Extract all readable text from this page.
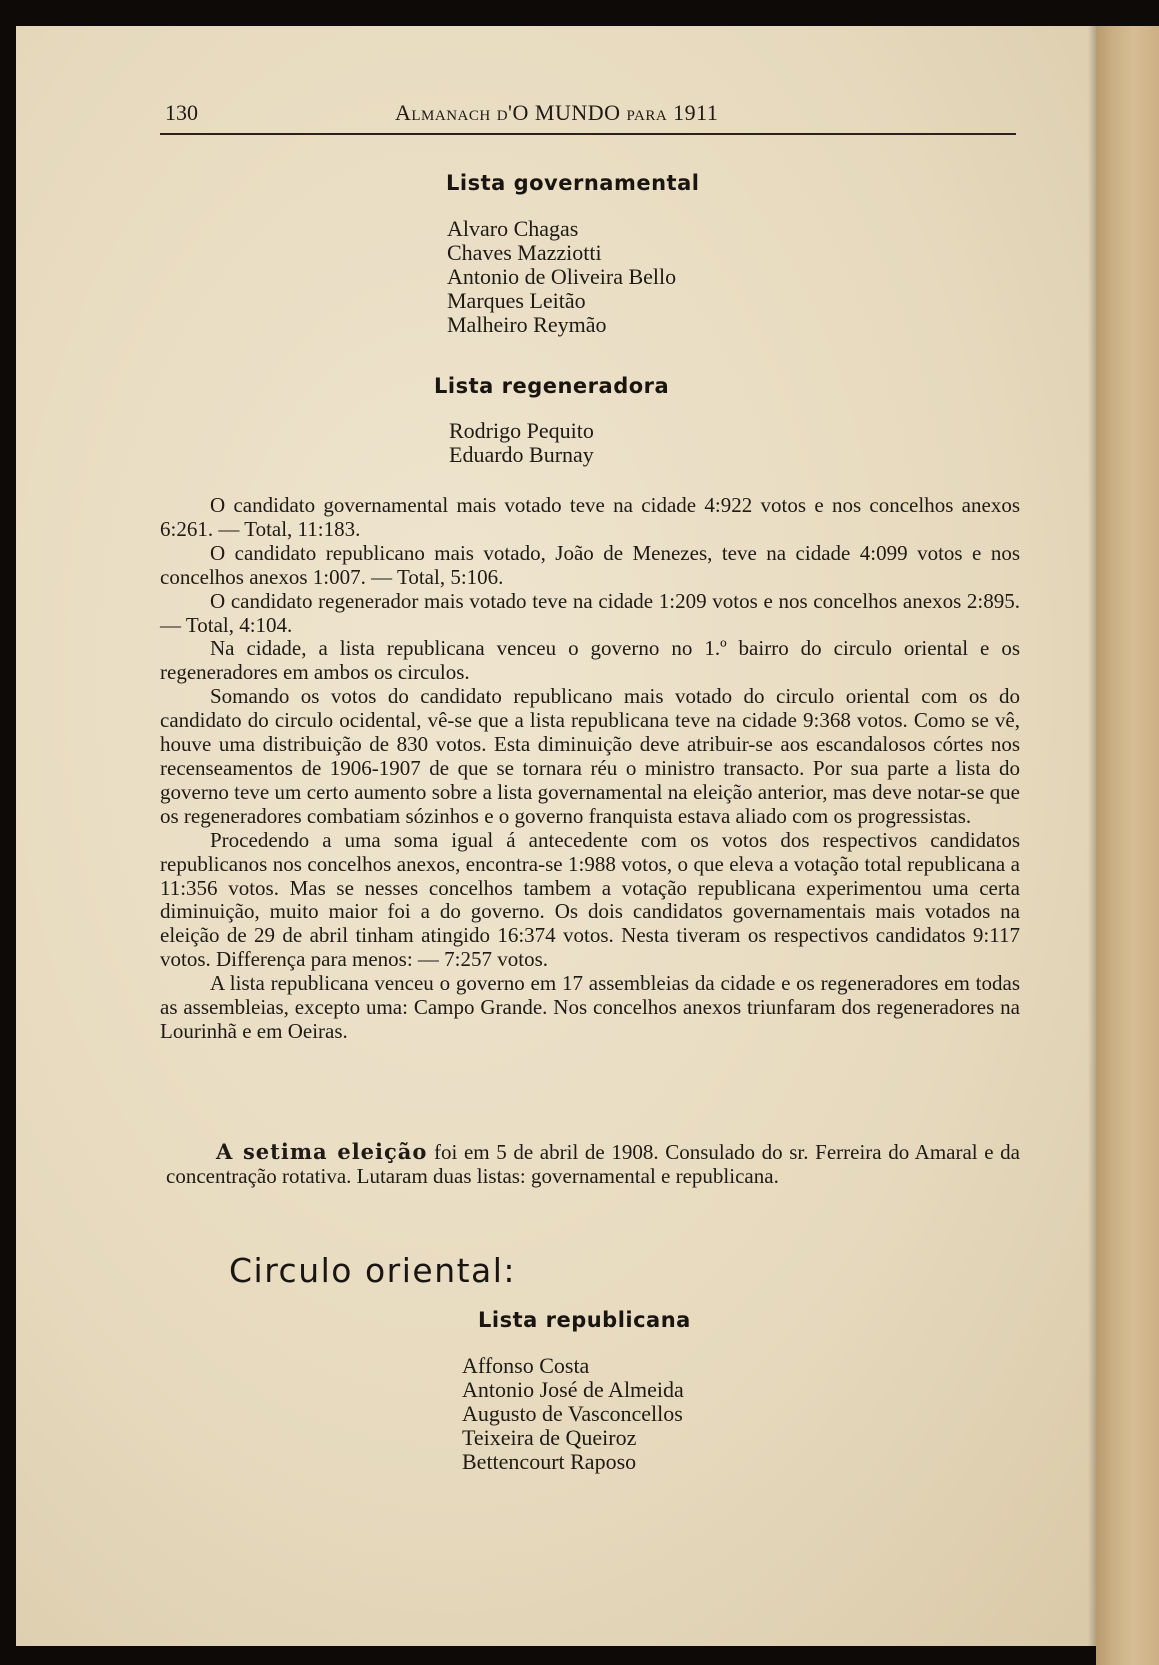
130	Almanach d'O MUNDO para 1911
Lista governamental
Alvaro Chagas
Chaves Mazziotti
Antonio de Oliveira Bello
Marques Leitão
Malheiro Reymão
Lista regeneradora
Rodrigo Pequito
Eduardo Burnay

O candidato governamental mais votado teve na cidade 4:922 votos e nos concelhos anexos 6:261. — Total, 11:183.

O candidato republicano mais votado, João de Menezes, teve na cidade 4:099 votos e nos concelhos anexos 1:007. — Total, 5:106.

O candidato regenerador mais votado teve na cidade 1:209 votos e nos concelhos anexos 2:895. — Total, 4:104.

Na cidade, a lista republicana venceu o governo no 1.º bairro do circulo oriental e os regeneradores em ambos os circulos.

Somando os votos do candidato republicano mais votado do circulo oriental com os do candidato do circulo ocidental, vê-se que a lista republicana teve na cidade 9:368 votos. Como se vê, houve uma distribuição de 830 votos. Esta diminuição deve atribuir-se aos escandalosos córtes nos recenseamentos de 1906-1907 de que se tornara réu o ministro transacto. Por sua parte a lista do governo teve um certo aumento sobre a lista governamental na eleição anterior, mas deve notar-se que os regeneradores combatiam sózinhos e o governo franquista estava aliado com os progressistas.

Procedendo a uma soma igual á antecedente com os votos dos respectivos candidatos republicanos nos concelhos anexos, encontra-se 1:988 votos, o que eleva a votação total republicana a 11:356 votos. Mas se nesses concelhos tambem a votação republicana experimentou uma certa diminuição, muito maior foi a do governo. Os dois candidatos governamentais mais votados na eleição de 29 de abril tinham atingido 16:374 votos. Nesta tiveram os respectivos candidatos 9:117 votos. Differença para menos: — 7:257 votos.

A lista republicana venceu o governo em 17 assembleias da cidade e os regeneradores em todas as assembleias, excepto uma: Campo Grande. Nos concelhos anexos triunfaram dos regeneradores na Lourinhã e em Oeiras.

A setima eleição foi em 5 de abril de 1908. Consulado do sr. Ferreira do Amaral e da concentração rotativa. Lutaram duas listas: governamental e republicana.
Circulo oriental:
Lista republicana
Affonso Costa
Antonio José de Almeida
Augusto de Vasconcellos
Teixeira de Queiroz
Bettencourt Raposo
